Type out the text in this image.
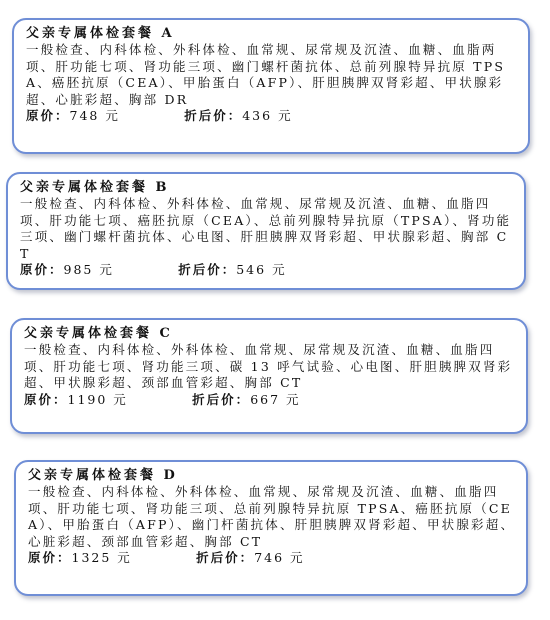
父亲专属体检套餐 A

一般检查、内科体检、外科体检、血常规、尿常规及沉渣、血糖、血脂两项、肝功能七项、肾功能三项、幽门螺杆菌抗体、总前列腺特异抗原 TPSA、癌胚抗原（CEA）、甲胎蛋白（AFP）、肝胆胰脾双肾彩超、甲状腺彩超、心脏彩超、胸部 DR

原价：748 元	折后价：436 元

父亲专属体检套餐 B

一般检查、内科体检、外科体检、血常规、尿常规及沉渣、血糖、血脂四项、肝功能七项、癌胚抗原（CEA）、总前列腺特异抗原（TPSA）、肾功能三项、幽门螺杆菌抗体、心电图、肝胆胰脾双肾彩超、甲状腺彩超、胸部 CT

原价：985 元	折后价：546 元

父亲专属体检套餐 C

一般检查、内科体检、外科体检、血常规、尿常规及沉渣、血糖、血脂四项、肝功能七项、肾功能三项、碳 13 呼气试验、心电图、肝胆胰脾双肾彩超、甲状腺彩超、颈部血管彩超、胸部 CT

原价：1190 元	折后价：667 元

父亲专属体检套餐 D

一般检查、内科体检、外科体检、血常规、尿常规及沉渣、血糖、血脂四项、肝功能七项、肾功能三项、总前列腺特异抗原 TPSA、癌胚抗原（CEA）、甲胎蛋白（AFP）、幽门杆菌抗体、肝胆胰脾双肾彩超、甲状腺彩超、心脏彩超、颈部血管彩超、胸部 CT

原价：1325 元	折后价：746 元
